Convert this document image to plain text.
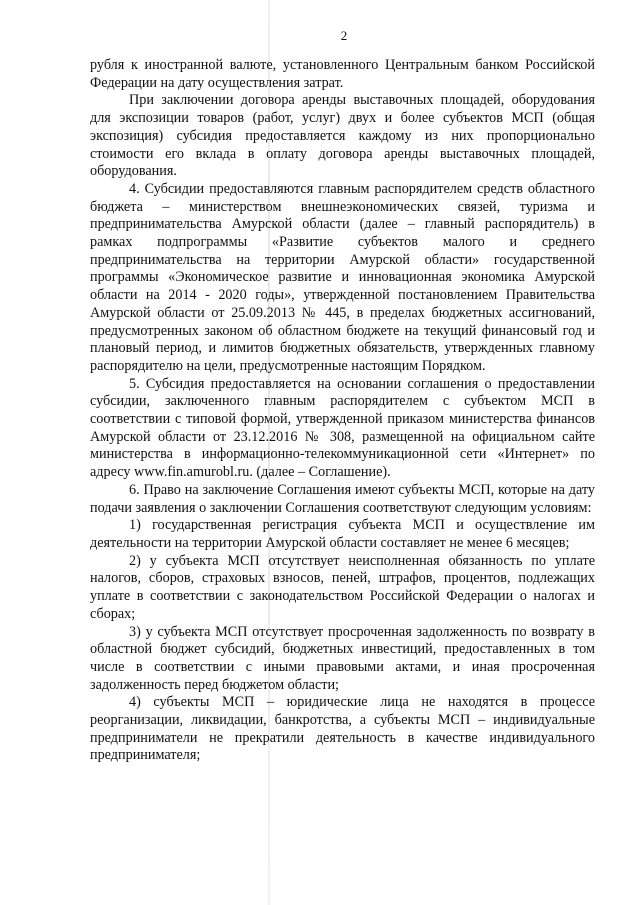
2

рубля к иностранной валюте, установленного Центральным банком Российской Федерации на дату осуществления затрат.

При заключении договора аренды выставочных площадей, оборудования для экспозиции товаров (работ, услуг) двух и более субъектов МСП (общая экспозиция) субсидия предоставляется каждому из них пропорционально стоимости его вклада в оплату договора аренды выставочных площадей, оборудования.

4. Субсидии предоставляются главным распорядителем средств областного бюджета – министерством внешнеэкономических связей, туризма и предпринимательства Амурской области (далее – главный распорядитель) в рамках подпрограммы «Развитие субъектов малого и среднего предпринимательства на территории Амурской области» государственной программы «Экономическое развитие и инновационная экономика Амурской области на 2014 - 2020 годы», утвержденной постановлением Правительства Амурской области от 25.09.2013 № 445, в пределах бюджетных ассигнований, предусмотренных законом об областном бюджете на текущий финансовый год и плановый период, и лимитов бюджетных обязательств, утвержденных главному распорядителю на цели, предусмотренные настоящим Порядком.

5. Субсидия предоставляется на основании соглашения о предоставлении субсидии, заключенного главным распорядителем с субъектом МСП в соответствии с типовой формой, утвержденной приказом министерства финансов Амурской области от 23.12.2016 № 308, размещенной на официальном сайте министерства в информационно-телекоммуникационной сети «Интернет» по адресу www.fin.amurobl.ru. (далее – Соглашение).

6. Право на заключение Соглашения имеют субъекты МСП, которые на дату подачи заявления о заключении Соглашения соответствуют следующим условиям:

1) государственная регистрация субъекта МСП и осуществление им деятельности на территории Амурской области составляет не менее 6 месяцев;

2) у субъекта МСП отсутствует неисполненная обязанность по уплате налогов, сборов, страховых взносов, пеней, штрафов, процентов, подлежащих уплате в соответствии с законодательством Российской Федерации о налогах и сборах;

3) у субъекта МСП отсутствует просроченная задолженность по возврату в областной бюджет субсидий, бюджетных инвестиций, предоставленных в том числе в соответствии с иными правовыми актами, и иная просроченная задолженность перед бюджетом области;

4) субъекты МСП – юридические лица не находятся в процессе реорганизации, ликвидации, банкротства, а субъекты МСП – индивидуальные предприниматели не прекратили деятельность в качестве индивидуального предпринимателя;
